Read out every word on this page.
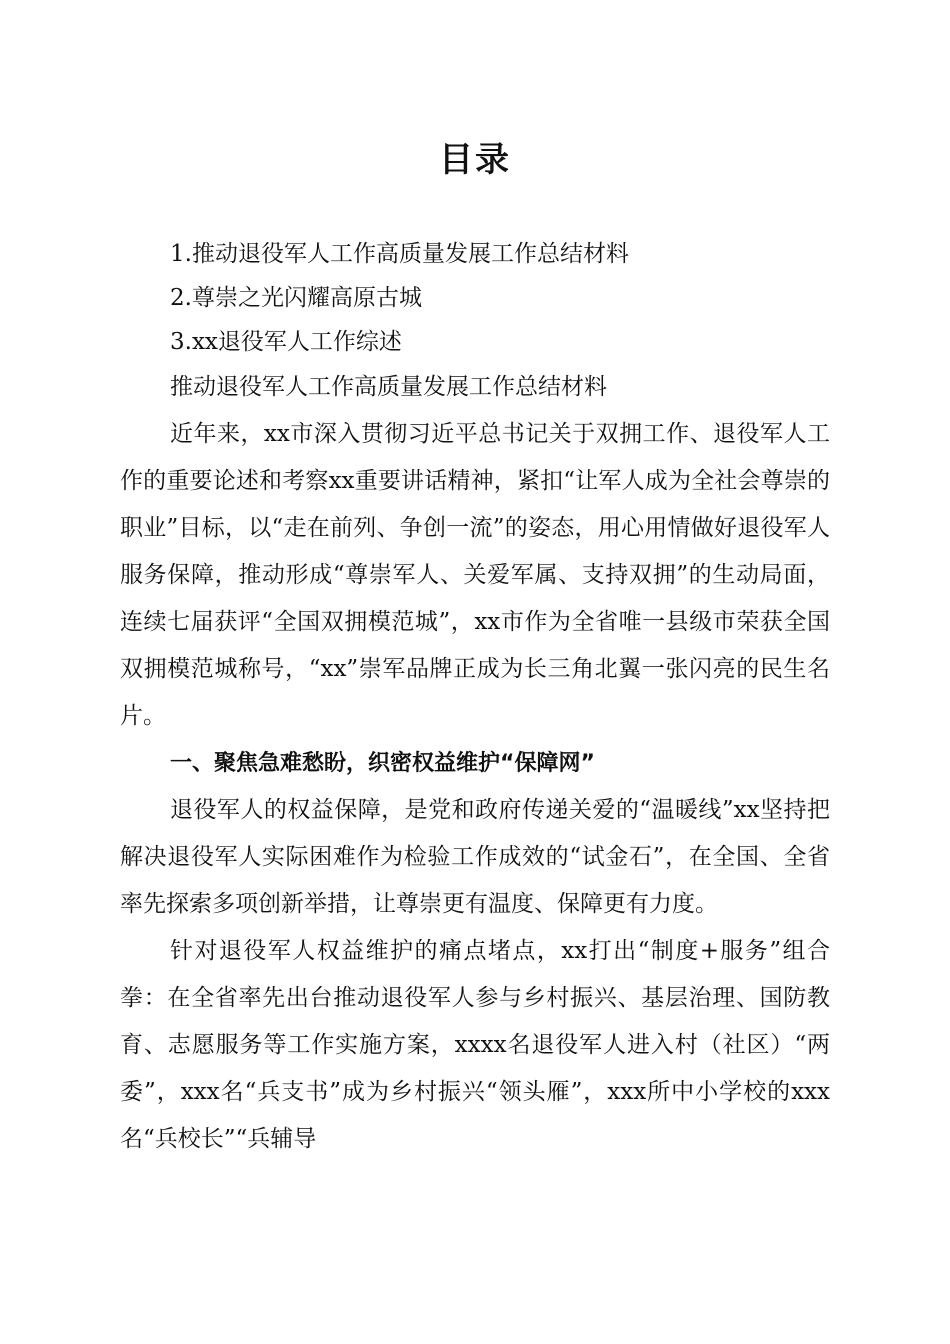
目录
1.推动退役军人工作高质量发展工作总结材料
2.尊崇之光闪耀高原古城
3.xx退役军人工作综述

推动退役军人工作高质量发展工作总结材料

近年来，xx市深入贯彻习近平总书记关于双拥工作、退役军人工作的重要论述和考察xx重要讲话精神，紧扣“让军人成为全社会尊崇的职业”目标，以“走在前列、争创一流”的姿态，用心用情做好退役军人服务保障，推动形成“尊崇军人、关爱军属、支持双拥”的生动局面，连续七届获评“全国双拥模范城”，xx市作为全省唯一县级市荣获全国双拥模范城称号，“xx”崇军品牌正成为长三角北翼一张闪亮的民生名片。

一、聚焦急难愁盼，织密权益维护“保障网”

退役军人的权益保障，是党和政府传递关爱的“温暖线”xx坚持把解决退役军人实际困难作为检验工作成效的“试金石”，在全国、全省率先探索多项创新举措，让尊崇更有温度、保障更有力度。

针对退役军人权益维护的痛点堵点，xx打出“制度+服务”组合拳：在全省率先出台推动退役军人参与乡村振兴、基层治理、国防教育、志愿服务等工作实施方案，xxxx名退役军人进入村（社区）“两委”，xxx名“兵支书”成为乡村振兴“领头雁”，xxx所中小学校的xxx名“兵校长”“兵辅导
